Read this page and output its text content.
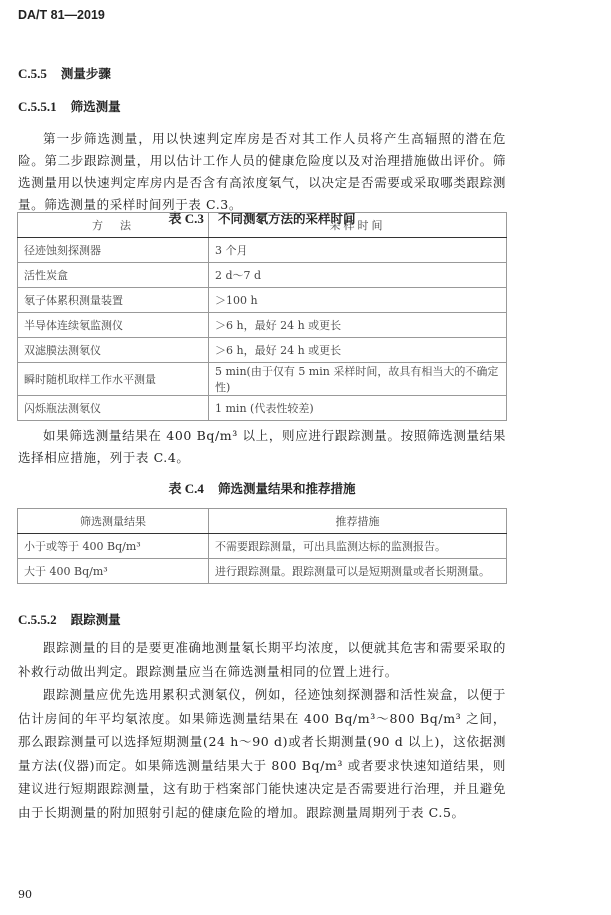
DA/T 81—2019
C.5.5 测量步骤
C.5.5.1 筛选测量
第一步筛选测量，用以快速判定库房是否对其工作人员将产生高辐照的潜在危险。第二步跟踪测量，用以估计工作人员的健康危险度以及对治理措施做出评价。筛选测量用以快速判定库房内是否含有高浓度氡气，以决定是否需要或采取哪类跟踪测量。筛选测量的采样时间列于表 C.3。
表 C.3 不同测氡方法的采样时间
方　法	采样时间
径迹蚀刻探测器	3 个月
活性炭盒	2 d～7 d
氡子体累积测量装置	＞100 h
半导体连续氡监测仪	＞6 h，最好 24 h 或更长
双滤膜法测氡仪	＞6 h，最好 24 h 或更长
瞬时随机取样工作水平测量	5 min(由于仅有 5 min 采样时间，故具有相当大的不确定性)
闪烁瓶法测氡仪	1 min (代表性较差)
如果筛选测量结果在 400 Bq/m³ 以上，则应进行跟踪测量。按照筛选测量结果选择相应措施，列于表 C.4。
表 C.4 筛选测量结果和推荐措施
筛选测量结果	推荐措施
小于或等于 400 Bq/m³	不需要跟踪测量，可出具监测达标的监测报告。
大于 400 Bq/m³	进行跟踪测量。跟踪测量可以是短期测量或者长期测量。
C.5.5.2 跟踪测量
跟踪测量的目的是要更准确地测量氡长期平均浓度，以便就其危害和需要采取的补救行动做出判定。跟踪测量应当在筛选测量相同的位置上进行。
跟踪测量应优先选用累积式测氡仪，例如，径迹蚀刻探测器和活性炭盒，以便于估计房间的年平均氡浓度。如果筛选测量结果在 400 Bq/m³～800 Bq/m³ 之间，那么跟踪测量可以选择短期测量(24 h～90 d)或者长期测量(90 d 以上)，这依据测量方法(仪器)而定。如果筛选测量结果大于 800 Bq/m³ 或者要求快速知道结果，则建议进行短期跟踪测量，这有助于档案部门能快速决定是否需要进行治理，并且避免由于长期测量的附加照射引起的健康危险的增加。跟踪测量周期列于表 C.5。
90
